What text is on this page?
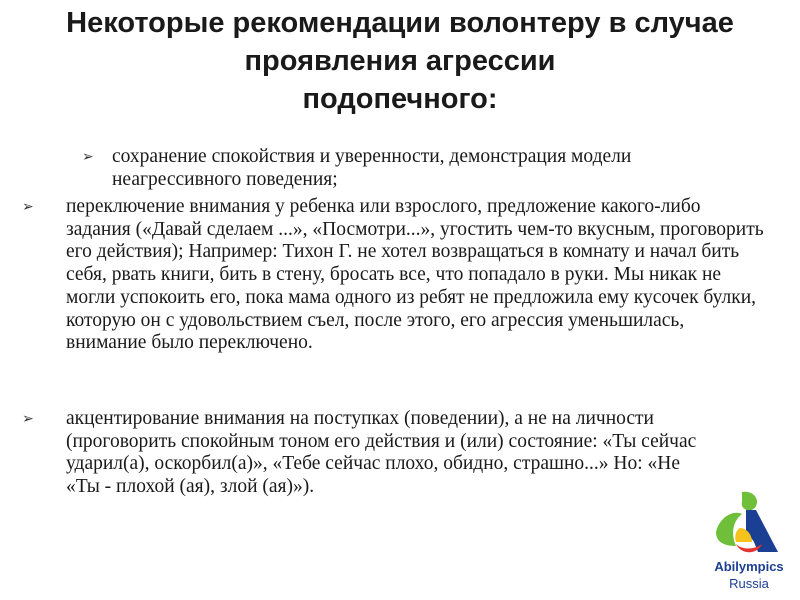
Некоторые рекомендации волонтеру в случае
проявления агрессии
подопечного:
➢ сохранение спокойствия и уверенности, демонстрация модели неагрессивного поведения;
➢ переключение внимания у ребенка или взрослого, предложение какого-либо задания («Давай сделаем ...», «Посмотри...», угостить чем-то вкусным, проговорить его действия); Например: Тихон Г. не хотел возвращаться в комнату и начал бить себя, рвать книги, бить в стену, бросать все, что попадало в руки. Мы никак не могли успокоить его, пока мама одного из ребят не предложила ему кусочек булки, которую он с удовольствием съел, после этого, его агрессия уменьшилась, внимание было переключено.
➢ акцентирование внимания на поступках (поведении), а не на личности (проговорить спокойным тоном его действия и (или) состояние: «Ты сейчас ударил(а), оскорбил(а)», «Тебе сейчас плохо, обидно, страшно...» Но: «Не «Ты - плохой (ая), злой (ая)»).
Abilympics
Russia
